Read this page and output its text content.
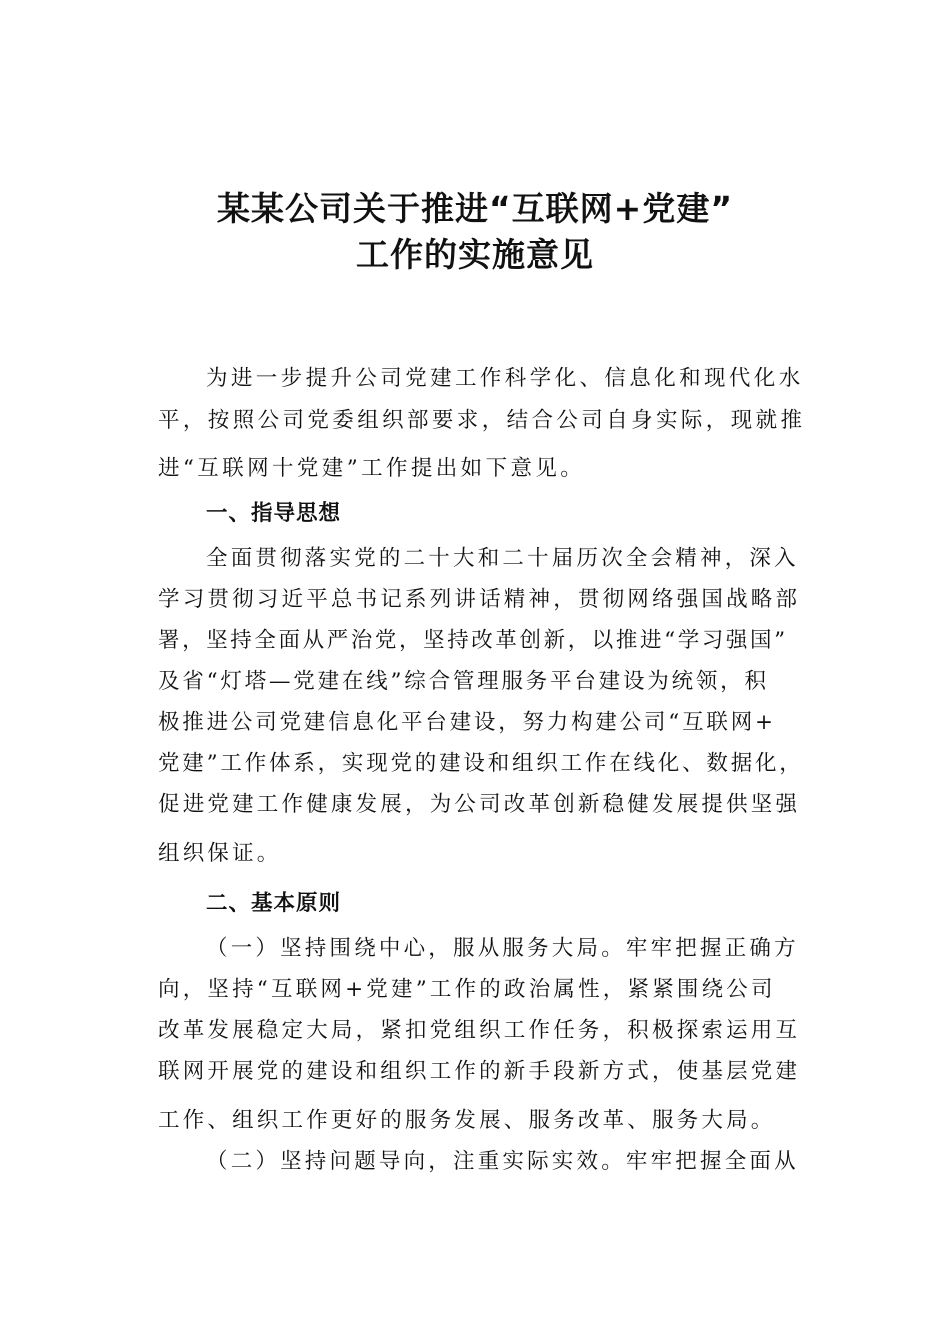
某某公司关于推进“互联网+党建”
工作的实施意见
为进一步提升公司党建工作科学化、信息化和现代化水
平，按照公司党委组织部要求，结合公司自身实际，现就推
进“互联网十党建”工作提出如下意见。
一、指导思想
全面贯彻落实党的二十大和二十届历次全会精神，深入
学习贯彻习近平总书记系列讲话精神，贯彻网络强国战略部
署，坚持全面从严治党，坚持改革创新，以推进“学习强国”
及省“灯塔—党建在线”综合管理服务平台建设为统领，积
极推进公司党建信息化平台建设，努力构建公司“互联网+
党建”工作体系，实现党的建设和组织工作在线化、数据化，
促进党建工作健康发展，为公司改革创新稳健发展提供坚强
组织保证。
二、基本原则
（一）坚持围绕中心，服从服务大局。牢牢把握正确方
向，坚持“互联网+党建”工作的政治属性，紧紧围绕公司
改革发展稳定大局，紧扣党组织工作任务，积极探索运用互
联网开展党的建设和组织工作的新手段新方式，使基层党建
工作、组织工作更好的服务发展、服务改革、服务大局。
（二）坚持问题导向，注重实际实效。牢牢把握全面从
